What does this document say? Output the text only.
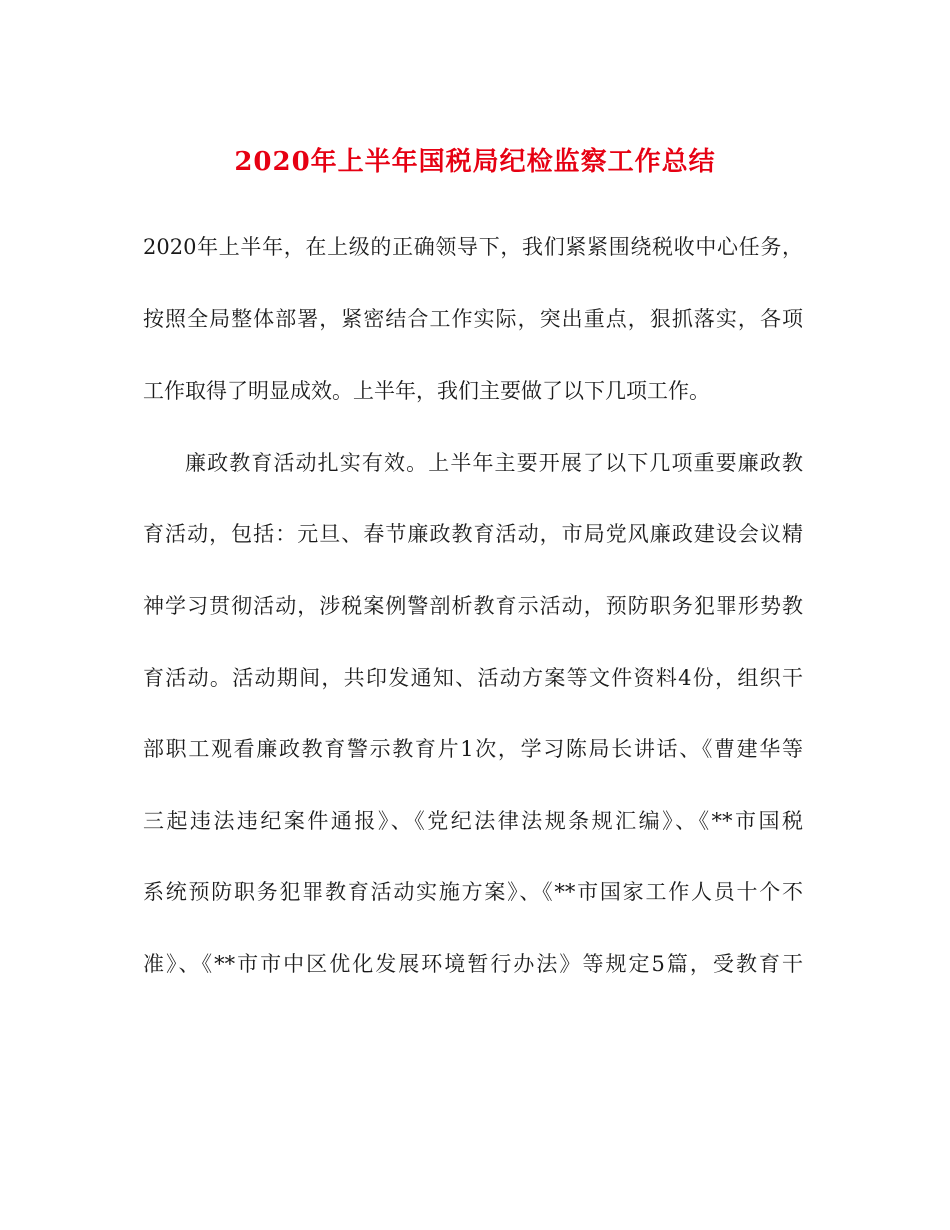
2020年上半年国税局纪检监察工作总结
2020年上半年，在上级的正确领导下，我们紧紧围绕税收中心任务，
按照全局整体部署，紧密结合工作实际，突出重点，狠抓落实，各项
工作取得了明显成效。上半年，我们主要做了以下几项工作。
廉政教育活动扎实有效。上半年主要开展了以下几项重要廉政教
育活动，包括：元旦、春节廉政教育活动，市局党风廉政建设会议精
神学习贯彻活动，涉税案例警剖析教育示活动，预防职务犯罪形势教
育活动。活动期间，共印发通知、活动方案等文件资料4份，组织干
部职工观看廉政教育警示教育片1次，学习陈局长讲话、《曹建华等
三起违法违纪案件通报》、《党纪法律法规条规汇编》、《**市国税
系统预防职务犯罪教育活动实施方案》、《**市国家工作人员十个不
准》、《**市市中区优化发展环境暂行办法》等规定5篇，受教育干
